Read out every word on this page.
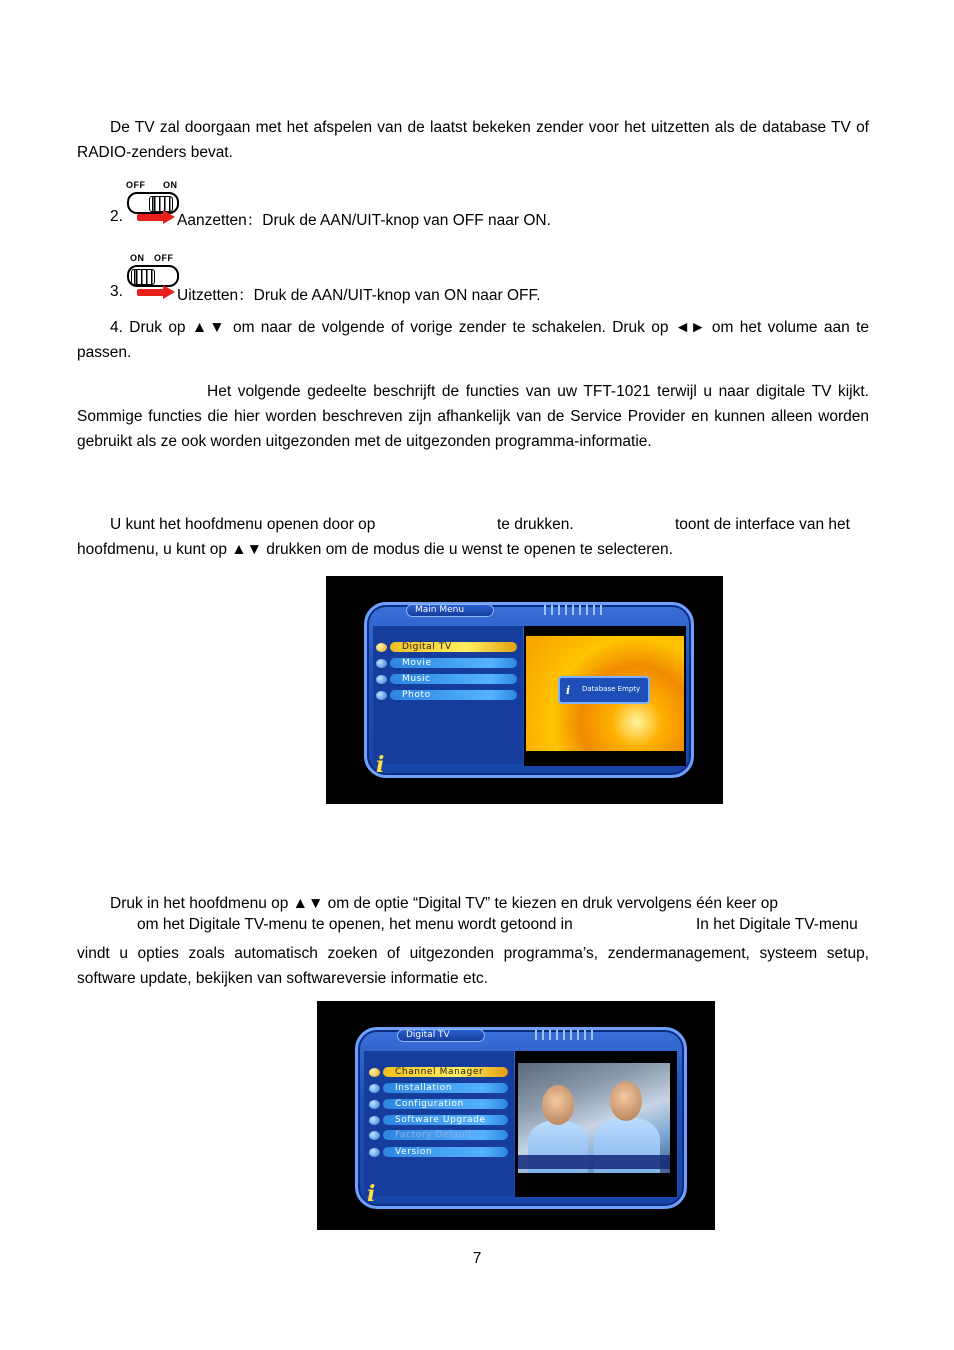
De TV zal doorgaan met het afspelen van de laatst bekeken zender voor het uitzetten als de database TV of RADIO-zenders bevat.
OFF ON
2.	Aanzetten：Druk de AAN/UIT-knop van OFF naar ON.
ON OFF
3.	Uitzetten：Druk de AAN/UIT-knop van ON naar OFF.
4. Druk op ▲▼ om naar de volgende of vorige zender te schakelen. Druk op ◄► om het volume aan te passen.
Het volgende gedeelte beschrijft de functies van uw TFT-1021 terwijl u naar digitale TV kijkt. Sommige functies die hier worden beschreven zijn afhankelijk van de Service Provider en kunnen alleen worden gebruikt als ze ook worden uitgezonden met de uitgezonden programma-informatie.
U kunt het hoofdmenu openen door op	te drukken.	toont de interface van het
hoofdmenu, u kunt op ▲▼ drukken om de modus die u wenst te openen te selecteren.
Main Menu
Digital TV
Movie
Music
Photo
i
i Database Empty
Druk in het hoofdmenu op ▲▼ om de optie “Digital TV” te kiezen en druk vervolgens één keer op
om het Digitale TV-menu te openen, het menu wordt getoond in	In het Digitale TV-menu
vindt u opties zoals automatisch zoeken of uitgezonden programma’s, zendermanagement, systeem setup, software update, bekijken van softwareversie informatie etc.
Digital TV
Channel Manager
Installation
Configuration
Software Upgrade
Factory Default
Version
i
7
